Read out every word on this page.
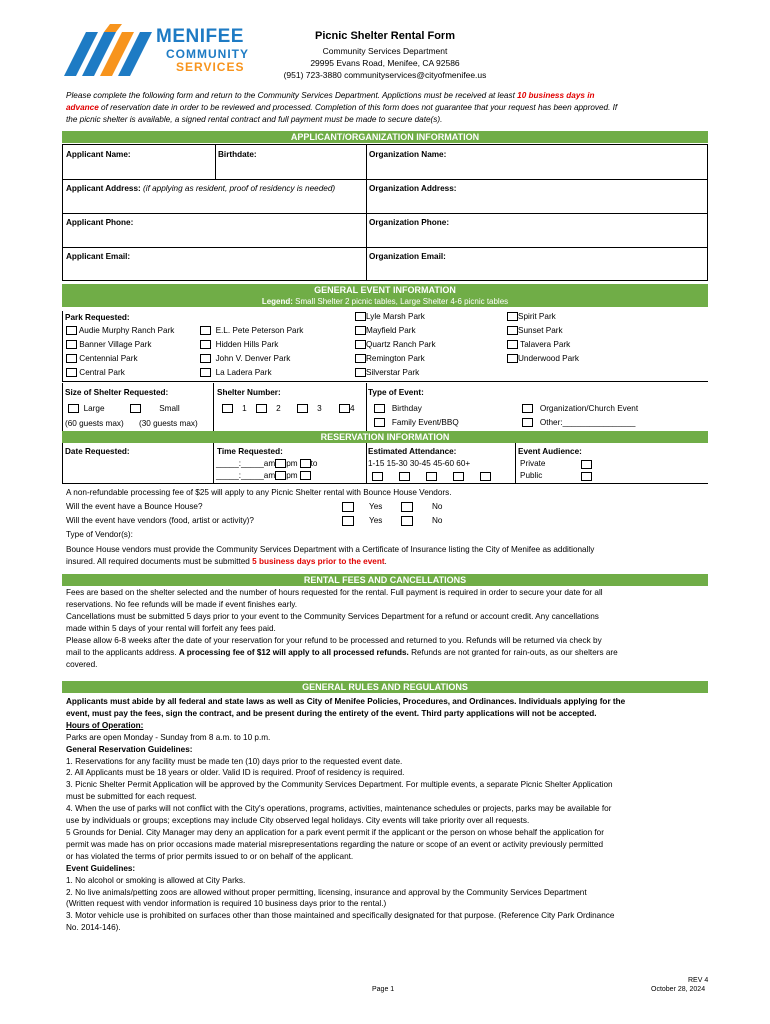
MENIFEE
COMMUNITY
SERVICES
Picnic Shelter Rental Form
Community Services Department
29995 Evans Road, Menifee, CA 92586
(951) 723-3880 communityservices@cityofmenifee.us
Please complete the following form and return to the Community Services Department. Applictions must be received at least 10 business days in
advance of reservation date in order to be reviewed and processed. Completion of this form does not guarantee that your request has been approved. If
the picnic shelter is available, a signed rental contract and full payment must be made to secure date(s).
APPLICANT/ORGANIZATION INFORMATION
Applicant Name:	Birthdate:	Organization Name:
Applicant Address: (if applying as resident, proof of residency is needed)	Organization Address:
Applicant Phone:	Organization Phone:
Applicant Email:	Organization Email:
GENERAL EVENT INFORMATION
Legend: Small Shelter 2 picnic tables, Large Shelter 4-6 picnic tables
Park Requested:
Audie Murphy Ranch Park
Banner Village Park
Centennial Park
Central Park
E.L. Pete Peterson Park
Hidden Hills Park
John V. Denver Park
La Ladera Park
Lyle Marsh Park
Mayfield Park
Quartz Ranch Park
Remington Park
Silverstar Park
Spirit Park
Sunset Park
Talavera Park
Underwood Park
Size of Shelter Requested:
Large	Small
(60 guests max) (30 guests max)
Shelter Number:
1	2	3	4
Type of Event:
Birthday
Family Event/BBQ
Organization/Church Event
Other:________________
RESERVATION INFORMATION
Date Requested:	Time Requested:
_____:_____am pm to
_____:_____am pm
Estimated Attendance:
1-15 15-30 30-45 45-60 60+

Event Audience:
Private
Public
A non-refundable processing fee of $25 will apply to any Picnic Shelter rental with Bounce House Vendors.
Will the event have a Bounce House?
Will the event have vendors (food, artist or activity)?
Yes	No
Yes	No
Type of Vendor(s):
Bounce House vendors must provide the Community Services Department with a Certificate of Insurance listing the City of Menifee as additionally
insured. All required documents must be submitted 5 business days prior to the event.
RENTAL FEES AND CANCELLATIONS
Fees are based on the shelter selected and the number of hours requested for the rental. Full payment is required in order to secure your date for all
reservations. No fee refunds will be made if event finishes early.
Cancellations must be submitted 5 days prior to your event to the Community Services Department for a refund or account credit. Any cancellations
made within 5 days of your rental will forfeit any fees paid.
Please allow 6-8 weeks after the date of your reservation for your refund to be processed and returned to you. Refunds will be returned via check by
mail to the applicants address. A processing fee of $12 will apply to all processed refunds. Refunds are not granted for rain-outs, as our shelters are
covered.
GENERAL RULES AND REGULATIONS
Applicants must abide by all federal and state laws as well as City of Menifee Policies, Procedures, and Ordinances. Individuals applying for the
event, must pay the fees, sign the contract, and be present during the entirety of the event. Third party applications will not be accepted.
Hours of Operation:
Parks are open Monday - Sunday from 8 a.m. to 10 p.m.
General Reservation Guidelines:
1. Reservations for any facility must be made ten (10) days prior to the requested event date.
2. All Applicants must be 18 years or older. Valid ID is required. Proof of residency is required.
3. Picnic Shelter Permit Application will be approved by the Community Services Department. For multiple events, a separate Picnic Shelter Application
must be submitted for each request.
4. When the use of parks will not conflict with the City's operations, programs, activities, maintenance schedules or projects, parks may be available for
use by individuals or groups; exceptions may include City observed legal holidays. City events will take priority over all requests.
5 Grounds for Denial. City Manager may deny an application for a park event permit if the applicant or the person on whose behalf the application for
permit was made has on prior occasions made material misrepresentations regarding the nature or scope of an event or activity previously permitted
or has violated the terms of prior permits issued to or on behalf of the applicant.
Event Guidelines:
1. No alcohol or smoking is allowed at City Parks.
2. No live animals/petting zoos are allowed without proper permitting, licensing, insurance and approval by the Community Services Department
(Written request with vendor information is required 10 business days prior to the rental.)
3. Motor vehicle use is prohibited on surfaces other than those maintained and specifically designated for that purpose. (Reference City Park Ordinance
No. 2014-146).
Page 1
REV 4
October 28, 2024
